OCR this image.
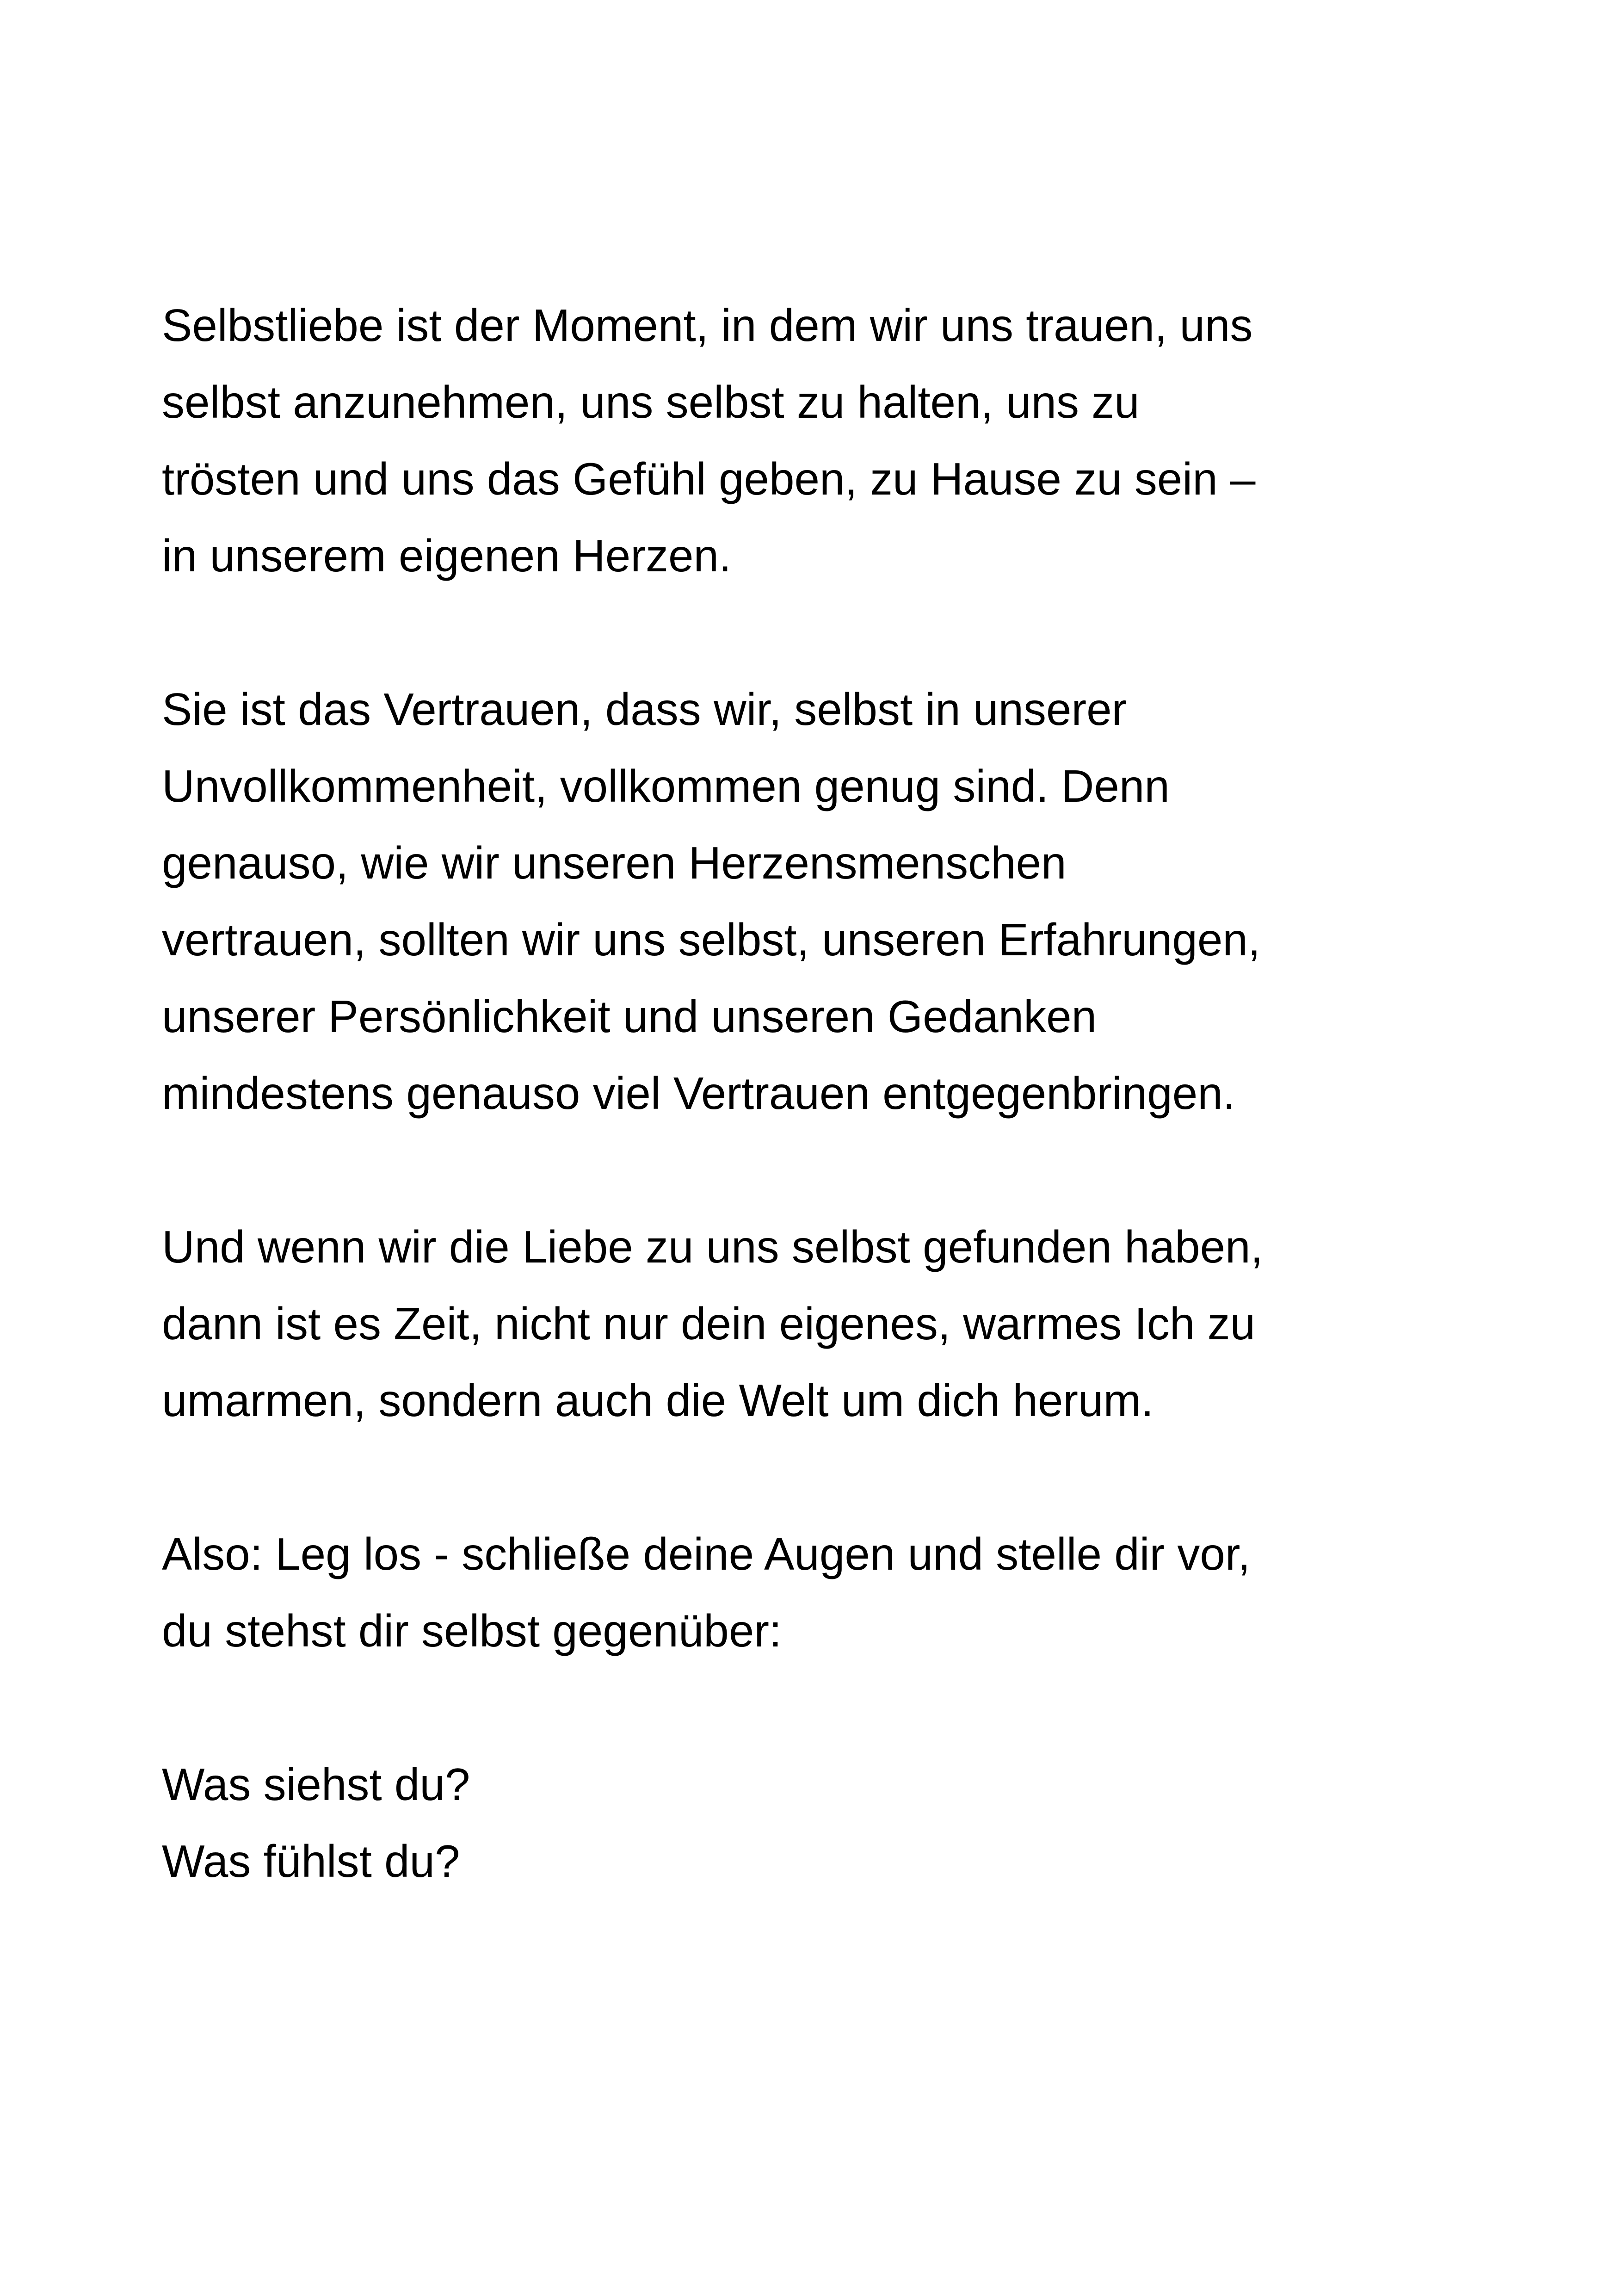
Selbstliebe ist der Moment, in dem wir uns trauen, uns
selbst anzunehmen, uns selbst zu halten, uns zu
trösten und uns das Gefühl geben, zu Hause zu sein –
in unserem eigenen Herzen.
Sie ist das Vertrauen, dass wir, selbst in unserer
Unvollkommenheit, vollkommen genug sind. Denn
genauso, wie wir unseren Herzensmenschen
vertrauen, sollten wir uns selbst, unseren Erfahrungen,
unserer Persönlichkeit und unseren Gedanken
mindestens genauso viel Vertrauen entgegenbringen.
Und wenn wir die Liebe zu uns selbst gefunden haben,
dann ist es Zeit, nicht nur dein eigenes, warmes Ich zu
umarmen, sondern auch die Welt um dich herum.
Also: Leg los - schließe deine Augen und stelle dir vor,
du stehst dir selbst gegenüber:
Was siehst du?
Was fühlst du?
